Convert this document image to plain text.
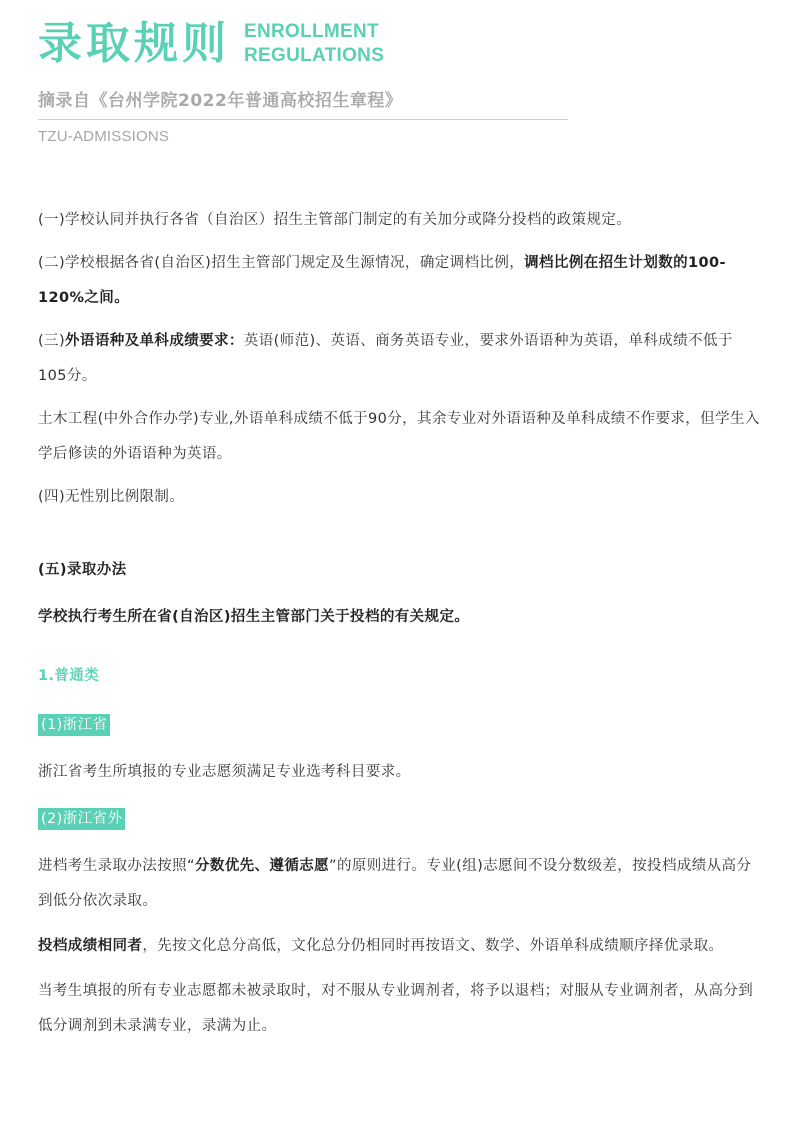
录取规则 ENROLLMENT
REGULATIONS
摘录自《台州学院2022年普通高校招生章程》
TZU-ADMISSIONS

(一)学校认同并执行各省（自治区）招生主管部门制定的有关加分或降分投档的政策规定。

(二)学校根据各省(自治区)招生主管部门规定及生源情况，确定调档比例，调档比例在招生计划数的100-120%之间。

(三)外语语种及单科成绩要求：英语(师范)、英语、商务英语专业，要求外语语种为英语，单科成绩不低于105分。

土木工程(中外合作办学)专业,外语单科成绩不低于90分，其余专业对外语语种及单科成绩不作要求，但学生入学后修读的外语语种为英语。

(四)无性别比例限制。

(五)录取办法

学校执行考生所在省(自治区)招生主管部门关于投档的有关规定。

1.普通类

(1)浙江省

浙江省考生所填报的专业志愿须满足专业选考科目要求。

(2)浙江省外

进档考生录取办法按照“分数优先、遵循志愿”的原则进行。专业(组)志愿间不设分数级差，按投档成绩从高分到低分依次录取。

投档成绩相同者，先按文化总分高低，文化总分仍相同时再按语文、数学、外语单科成绩顺序择优录取。

当考生填报的所有专业志愿都未被录取时，对不服从专业调剂者，将予以退档；对服从专业调剂者，从高分到低分调剂到未录满专业，录满为止。
